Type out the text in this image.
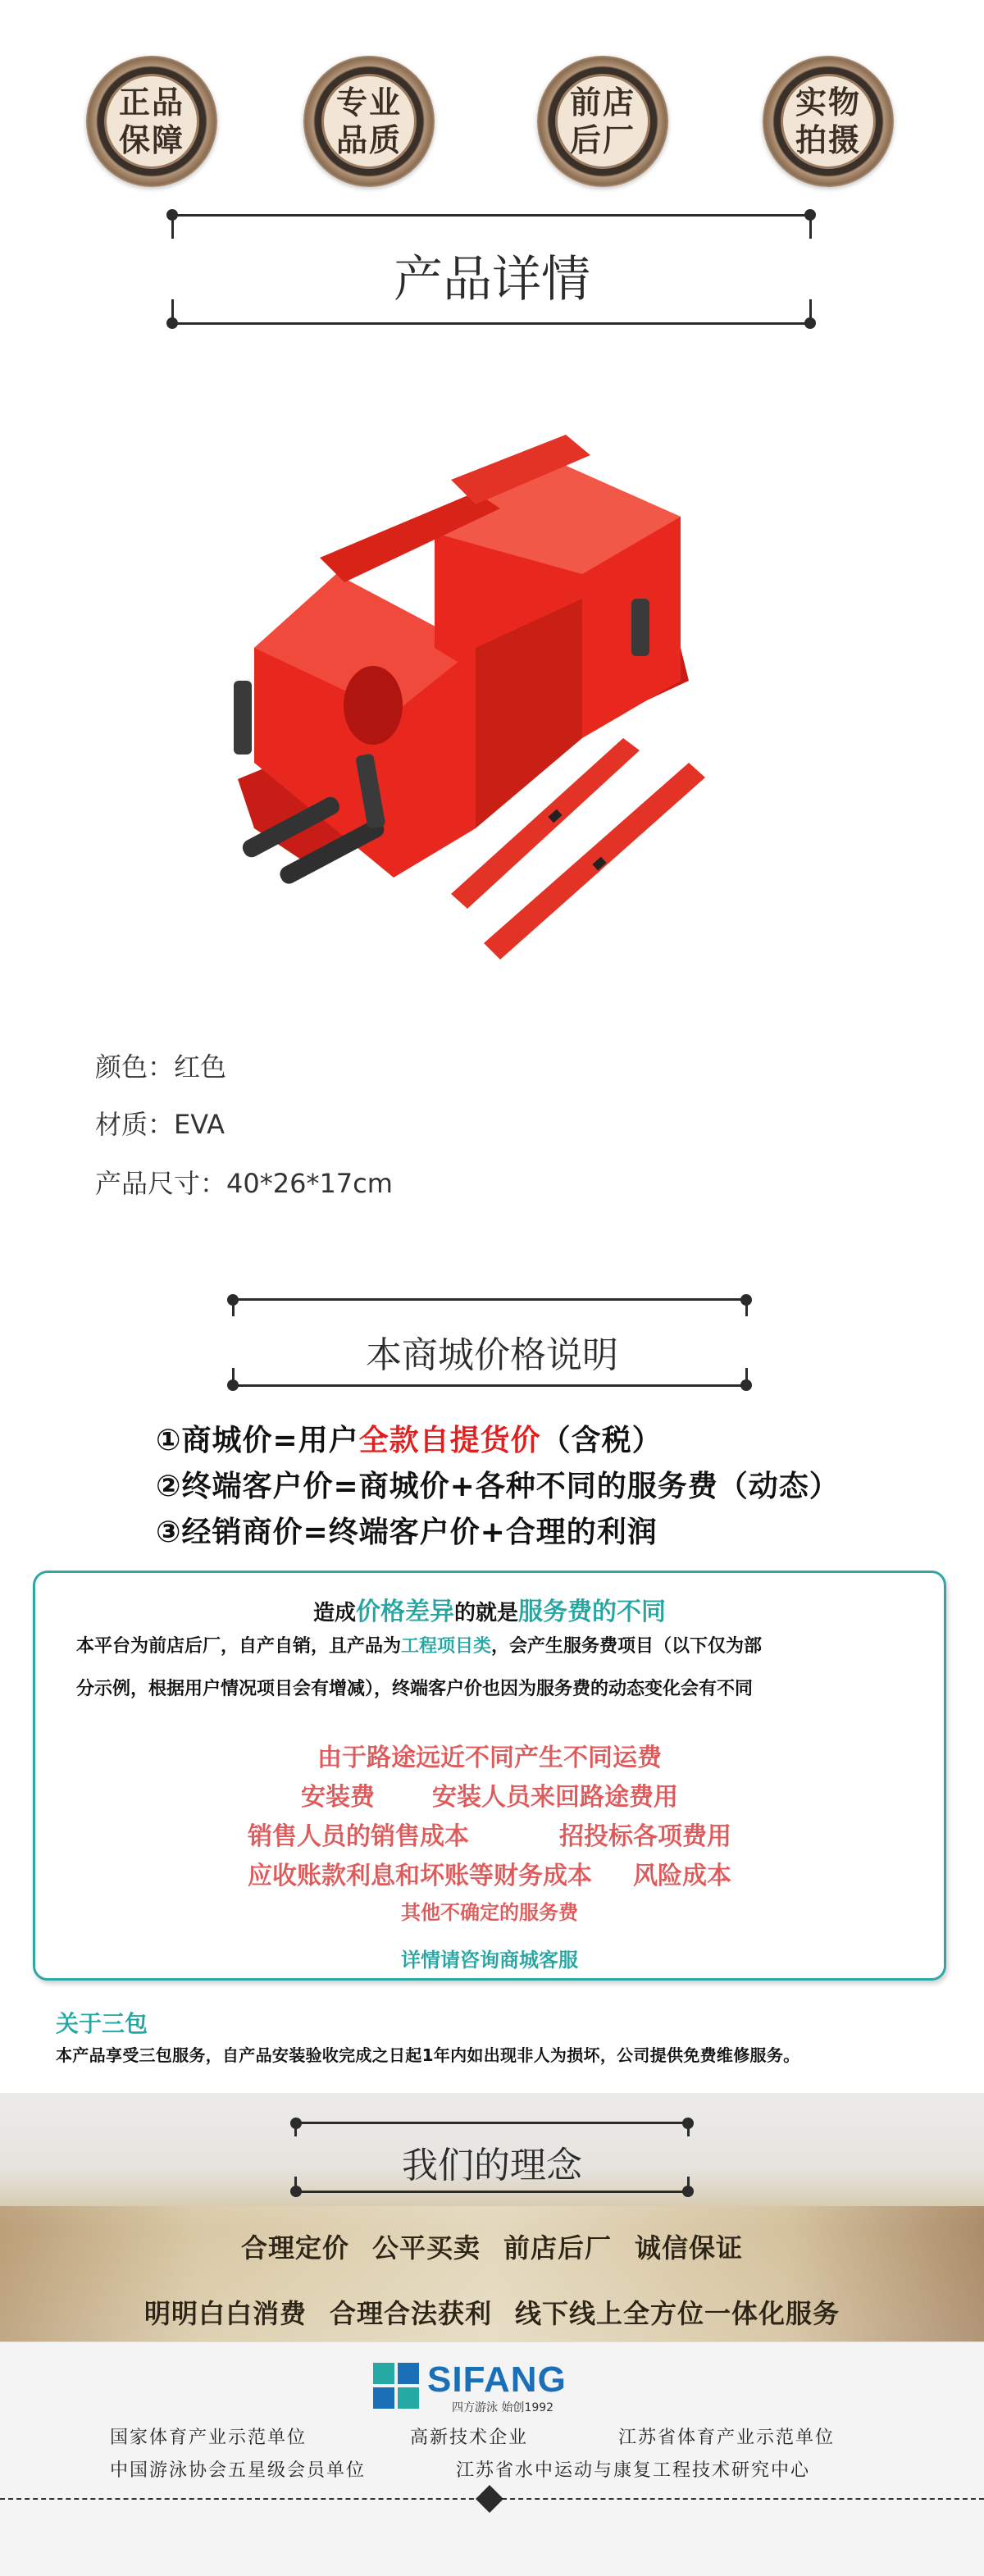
正品
保障
专业
品质
前店
后厂
实物
拍摄
产品详情
颜色：红色
材质：EVA
产品尺寸：40*26*17cm
本商城价格说明
①商城价=用户全款自提货价（含税）
②终端客户价=商城价+各种不同的服务费（动态）
③经销商价=终端客户价+合理的利润
造成价格差异的就是服务费的不同
本平台为前店后厂，自产自销，且产品为工程项目类，会产生服务费项目（以下仅为部
分示例，根据用户情况项目会有增减），终端客户价也因为服务费的动态变化会有不同
由于路途远近不同产生不同运费
安装费 安装人员来回路途费用
销售人员的销售成本	招投标各项费用
应收账款利息和坏账等财务成本 风险成本
其他不确定的服务费
详情请咨询商城客服
关于三包
本产品享受三包服务，自产品安装验收完成之日起1年内如出现非人为损坏，公司提供免费维修服务。
我们的理念
合理定价 公平买卖 前店后厂 诚信保证
明明白白消费 合理合法获利 线下线上全方位一体化服务
SIFANG
四方游泳 始创1992
国家体育产业示范单位	高新技术企业	江苏省体育产业示范单位
中国游泳协会五星级会员单位	江苏省水中运动与康复工程技术研究中心
